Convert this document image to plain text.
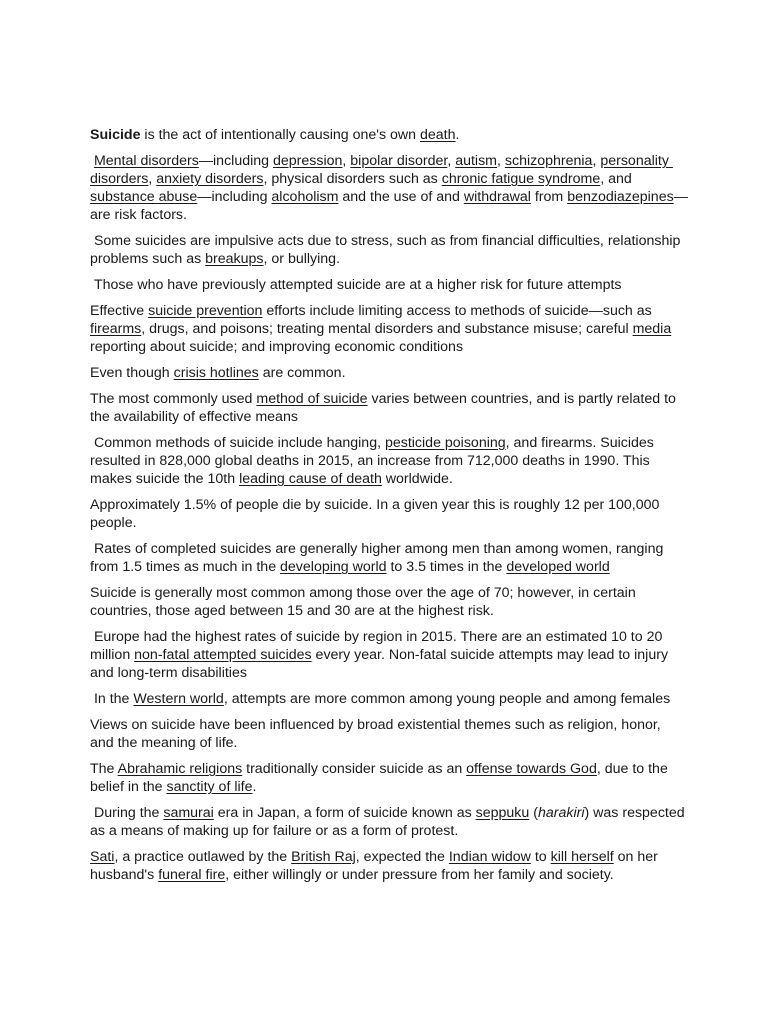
Suicide is the act of intentionally causing one's own death.

Mental disorders—including depression, bipolar disorder, autism, schizophrenia, personality disorders, anxiety disorders, physical disorders such as chronic fatigue syndrome, and substance abuse—including alcoholism and the use of and withdrawal from benzodiazepines—are risk factors.

Some suicides are impulsive acts due to stress, such as from financial difficulties, relationship problems such as breakups, or bullying.

Those who have previously attempted suicide are at a higher risk for future attempts

Effective suicide prevention efforts include limiting access to methods of suicide—such as firearms, drugs, and poisons; treating mental disorders and substance misuse; careful media reporting about suicide; and improving economic conditions

Even though crisis hotlines are common.

The most commonly used method of suicide varies between countries, and is partly related to the availability of effective means

Common methods of suicide include hanging, pesticide poisoning, and firearms. Suicides resulted in 828,000 global deaths in 2015, an increase from 712,000 deaths in 1990. This makes suicide the 10th leading cause of death worldwide.

Approximately 1.5% of people die by suicide. In a given year this is roughly 12 per 100,000 people.

Rates of completed suicides are generally higher among men than among women, ranging from 1.5 times as much in the developing world to 3.5 times in the developed world

Suicide is generally most common among those over the age of 70; however, in certain countries, those aged between 15 and 30 are at the highest risk.

Europe had the highest rates of suicide by region in 2015. There are an estimated 10 to 20 million non-fatal attempted suicides every year. Non-fatal suicide attempts may lead to injury and long-term disabilities

In the Western world, attempts are more common among young people and among females

Views on suicide have been influenced by broad existential themes such as religion, honor, and the meaning of life.

The Abrahamic religions traditionally consider suicide as an offense towards God, due to the belief in the sanctity of life.

During the samurai era in Japan, a form of suicide known as seppuku (harakiri) was respected as a means of making up for failure or as a form of protest.

Sati, a practice outlawed by the British Raj, expected the Indian widow to kill herself on her husband's funeral fire, either willingly or under pressure from her family and society.
